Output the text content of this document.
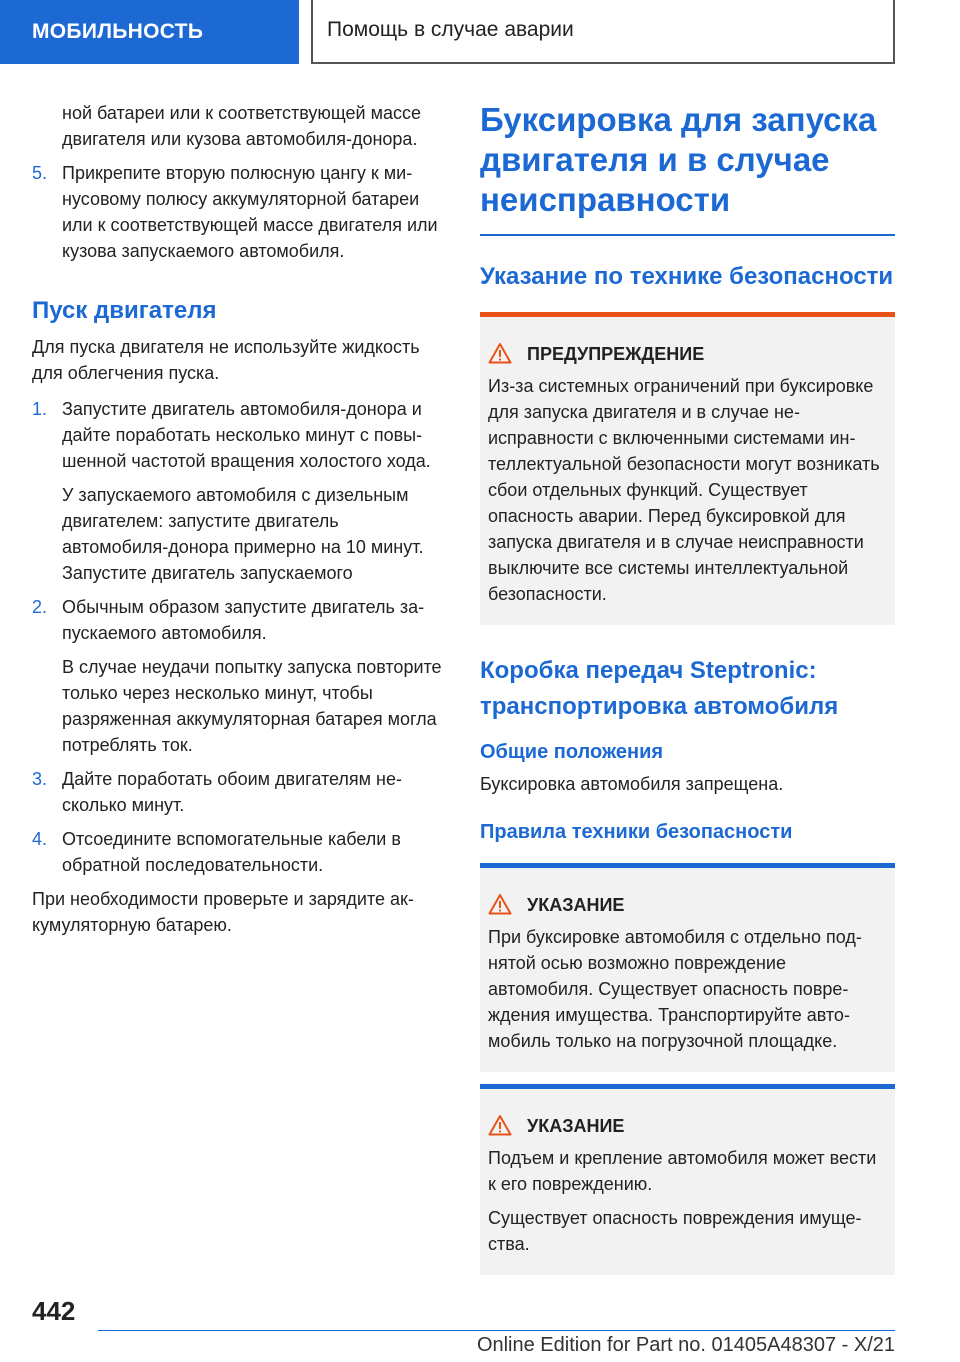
МОБИЛЬНОСТЬ	Помощь в случае аварии

ной батареи или к соответствующей массе двигателя или кузова автомобиля-донора.

5. Прикрепите вторую полюсную цангу к минусовому полюсу аккумуляторной батареи или к соответствующей массе двигателя или кузова запускаемого автомобиля.

Пуск двигателя

Для пуска двигателя не используйте жидкость для облегчения пуска.

1. Запустите двигатель автомобиля-донора и дайте поработать несколько минут с повышенной частотой вращения холостого хода.

У запускаемого автомобиля с дизельным двигателем: запустите двигатель автомобиля-донора примерно на 10 минут. Запустите двигатель запускаемого

2. Обычным образом запустите двигатель запускаемого автомобиля.

В случае неудачи попытку запуска повторите только через несколько минут, чтобы разряженная аккумуляторная батарея могла потреблять ток.

3. Дайте поработать обоим двигателям несколько минут.

4. Отсоедините вспомогательные кабели в обратной последовательности.

При необходимости проверьте и зарядите аккумуляторную батарею.

Буксировка для запуска двигателя и в случае неисправности
Указание по технике безопасности
ПРЕДУПРЕЖДЕНИЕ

Из-за системных ограничений при буксировке для запуска двигателя и в случае неисправности с включенными системами интеллектуальной безопасности могут возникать сбои отдельных функций. Существует опасность аварии. Перед буксировкой для запуска двигателя и в случае неисправности выключите все системы интеллектуальной безопасности.

Коробка передач Steptronic: транспортировка автомобиля
Общие положения

Буксировка автомобиля запрещена.

Правила техники безопасности
УКАЗАНИЕ

При буксировке автомобиля с отдельно поднятой осью возможно повреждение автомобиля. Существует опасность повреждения имущества. Транспортируйте автомобиль только на погрузочной площадке.

УКАЗАНИЕ

Подъем и крепление автомобиля может вести к его повреждению.

Существует опасность повреждения имущества.

442
Online Edition for Part no. 01405A48307 - X/21
